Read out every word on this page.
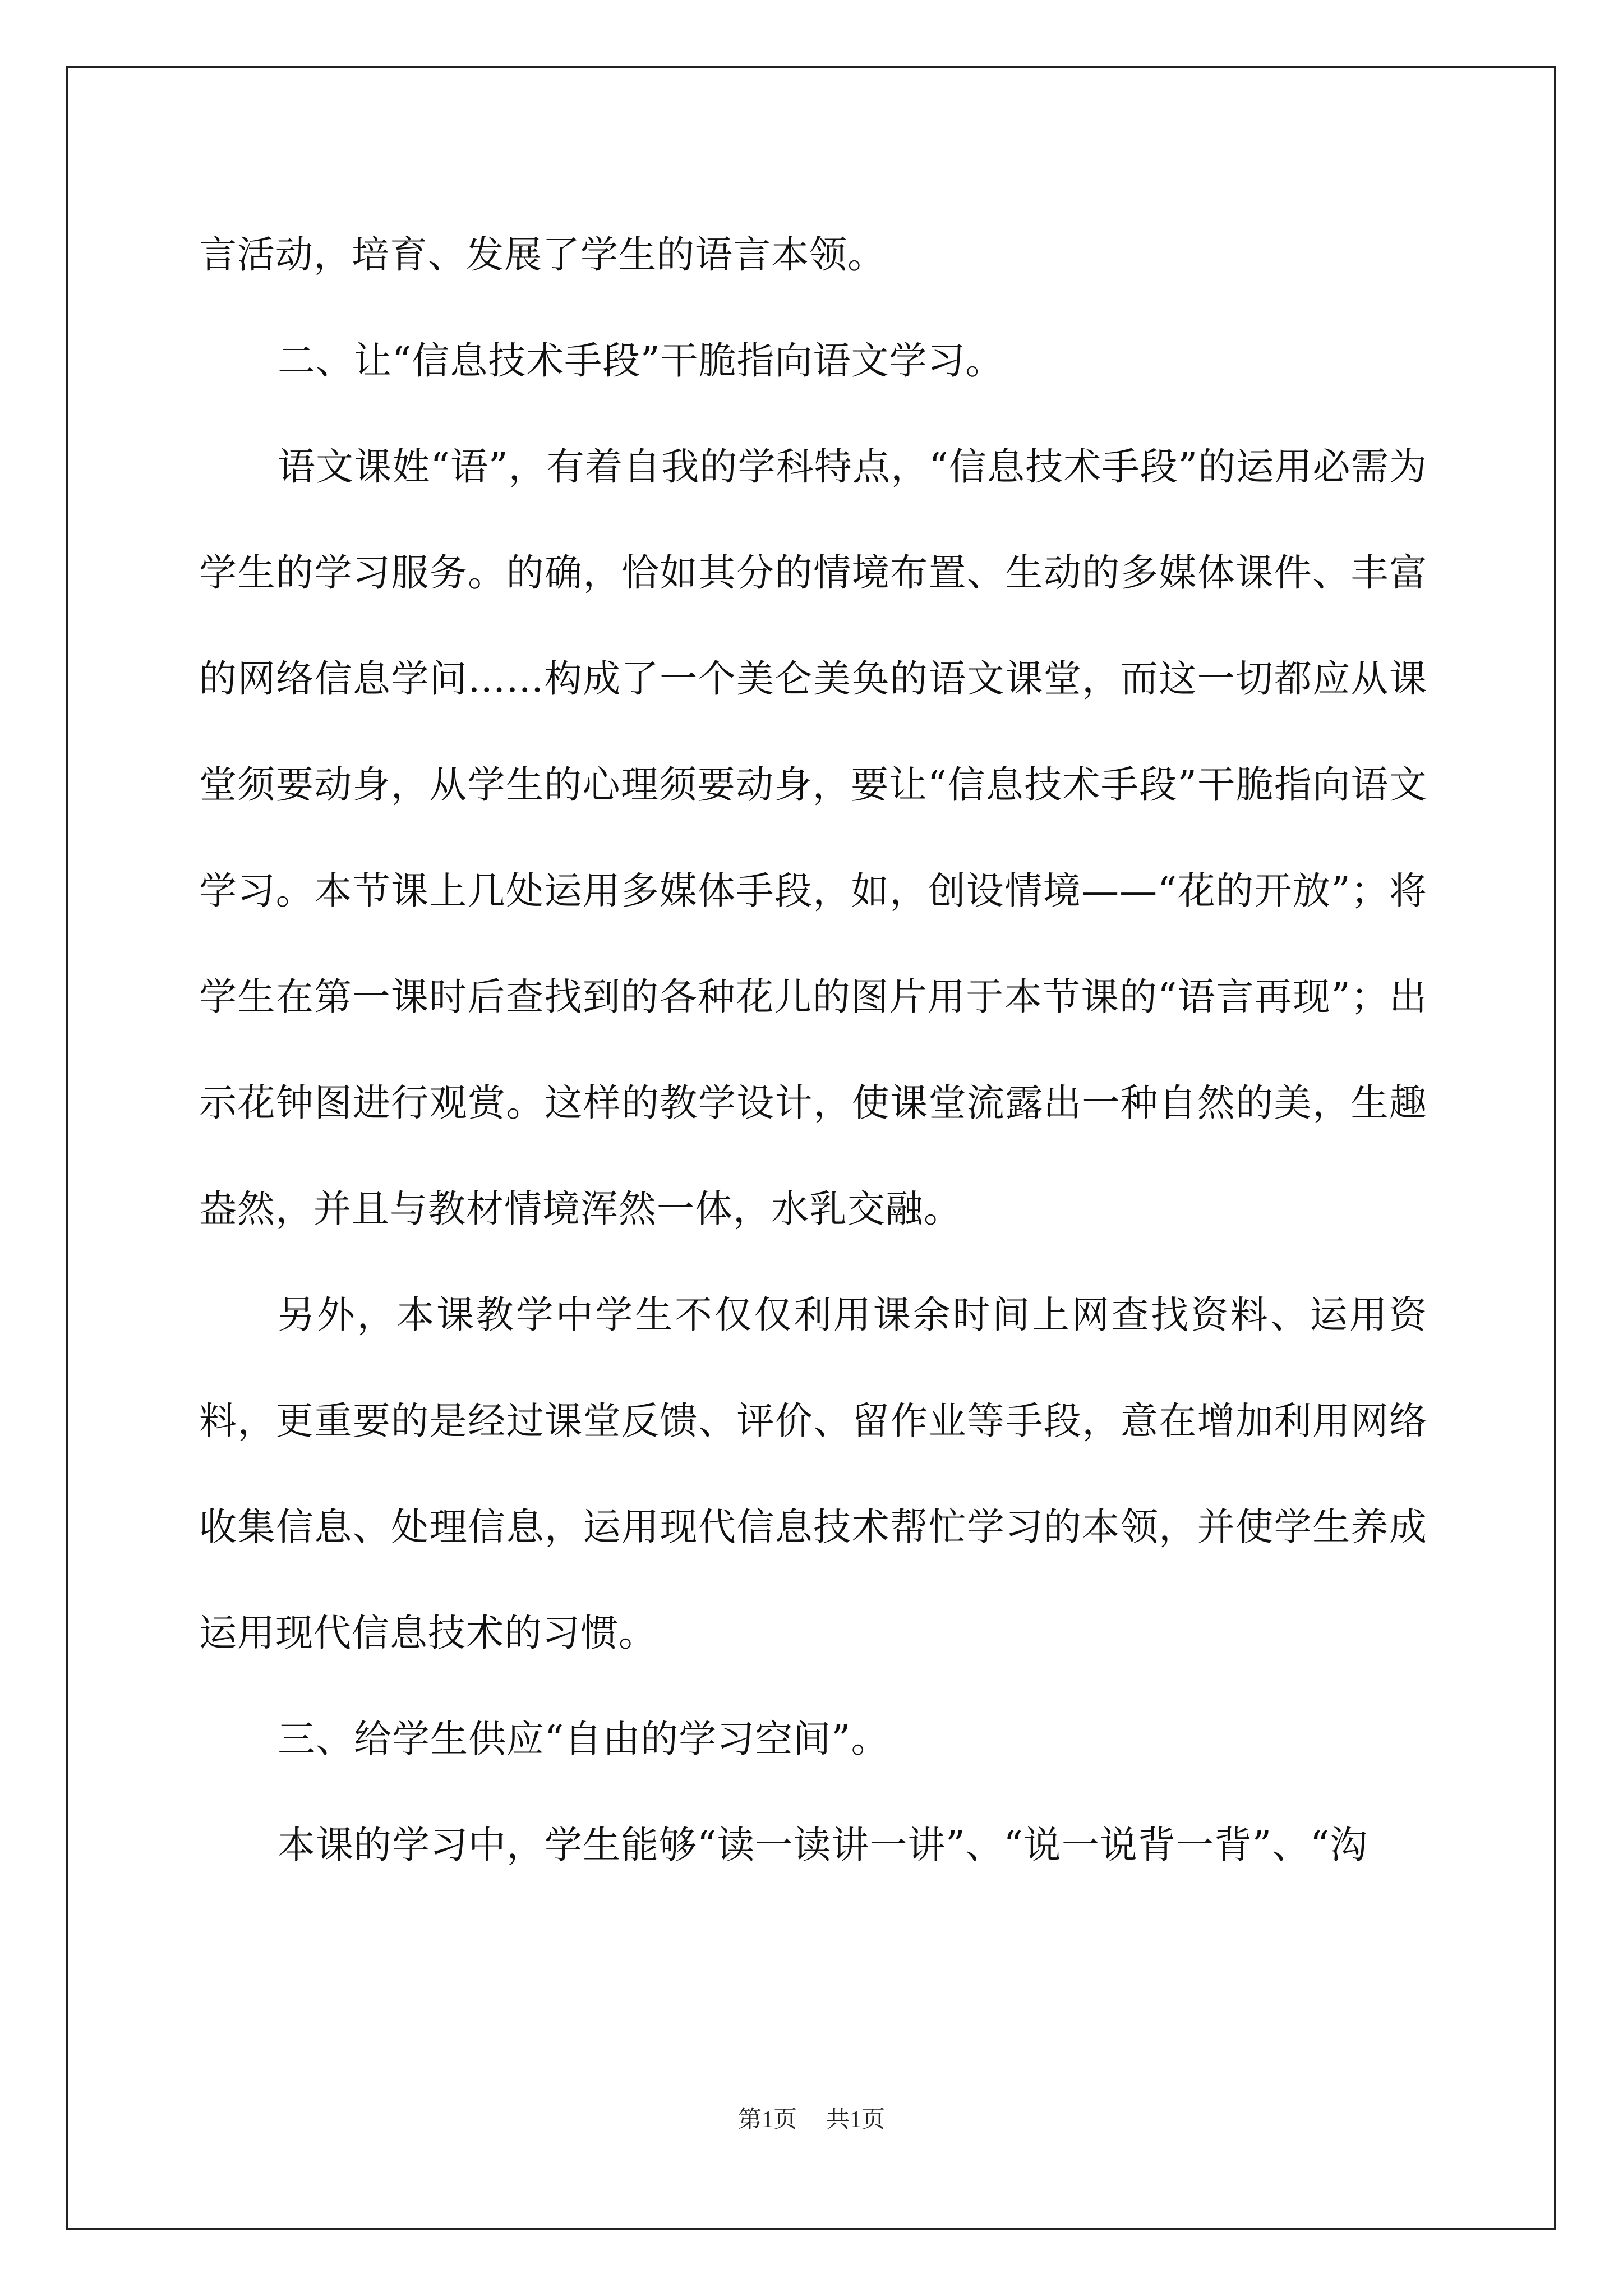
言活动，培育、发展了学生的语言本领。

二、让“信息技术手段”干脆指向语文学习。

语文课姓“语”，有着自我的学科特点，“信息技术手段”的运用必需为学生的学习服务。的确，恰如其分的情境布置、生动的多媒体课件、丰富的网络信息学问……构成了一个美仑美奂的语文课堂，而这一切都应从课堂须要动身，从学生的心理须要动身，要让“信息技术手段”干脆指向语文学习。本节课上几处运用多媒体手段，如，创设情境——“花的开放”；将学生在第一课时后查找到的各种花儿的图片用于本节课的“语言再现”；出示花钟图进行观赏。这样的教学设计，使课堂流露出一种自然的美，生趣盎然，并且与教材情境浑然一体，水乳交融。

另外，本课教学中学生不仅仅利用课余时间上网查找资料、运用资料，更重要的是经过课堂反馈、评价、留作业等手段，意在增加利用网络收集信息、处理信息，运用现代信息技术帮忙学习的本领，并使学生养成运用现代信息技术的习惯。

三、给学生供应“自由的学习空间”。

本课的学习中，学生能够“读一读讲一讲”、“说一说背一背”、“沟

第1页 共1页
